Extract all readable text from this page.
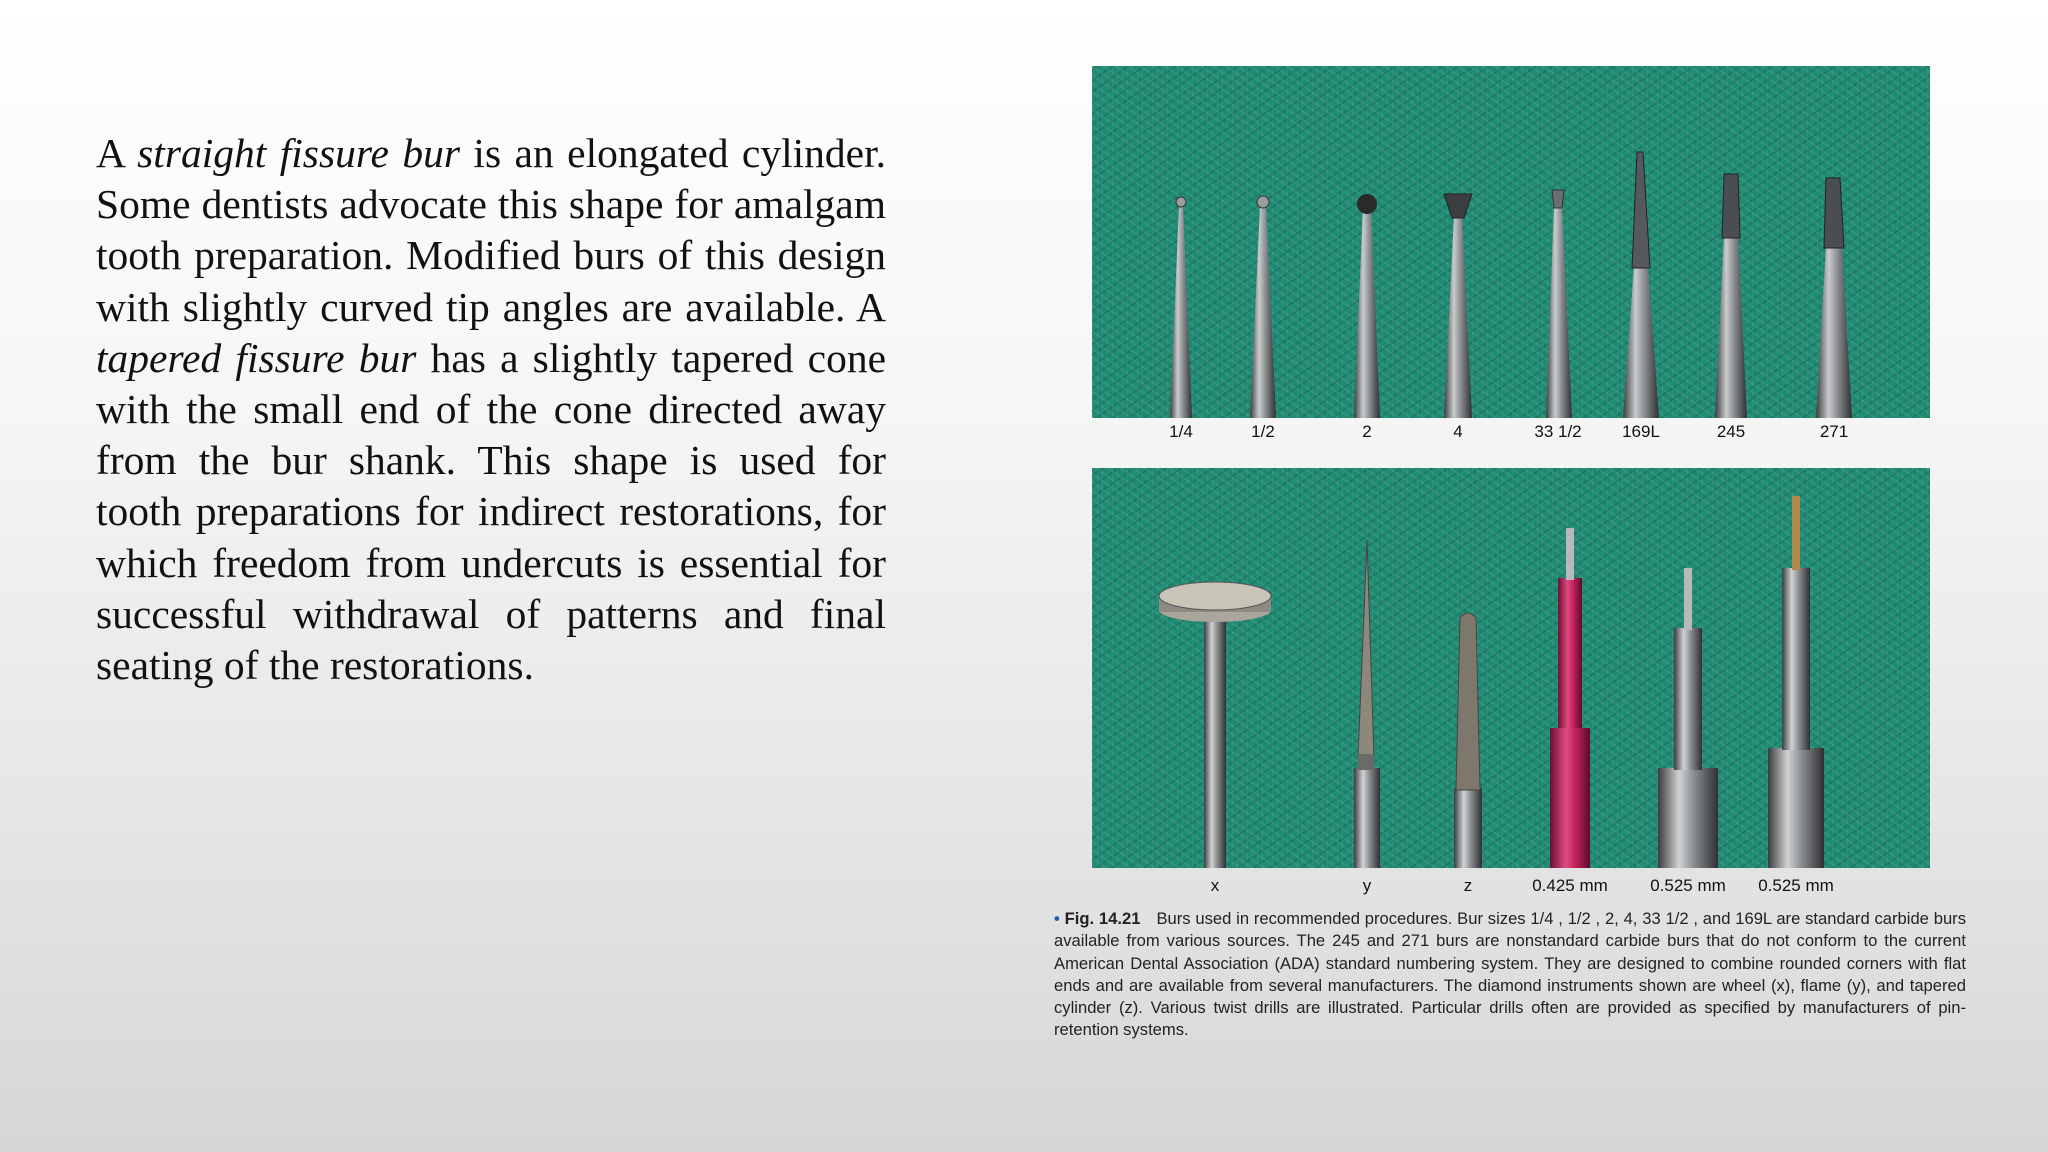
A straight fissure bur is an elongated cylinder. Some dentists advocate this shape for amalgam tooth preparation. Modified burs of this design with slightly curved tip angles are available. A tapered fissure bur has a slightly tapered cone with the small end of the cone directed away from the bur shank. This shape is used for tooth preparations for indirect restorations, for which freedom from undercuts is essential for successful withdrawal of patterns and final seating of the restorations.

1/4	1/2	2	4	33 1/2 169L	245	271
x	y	z	0.425 mm 0.525 mm 0.525 mm

• Fig. 14.21 Burs used in recommended procedures. Bur sizes 1/4 , 1/2 , 2, 4, 33 1/2 , and 169L are standard carbide burs available from various sources. The 245 and 271 burs are nonstandard carbide burs that do not conform to the current American Dental Association (ADA) standard numbering system. They are designed to combine rounded corners with flat ends and are available from several manufacturers. The diamond instruments shown are wheel (x), flame (y), and tapered cylinder (z). Various twist drills are illustrated. Particular drills often are provided as specified by manufacturers of pin-retention systems.
